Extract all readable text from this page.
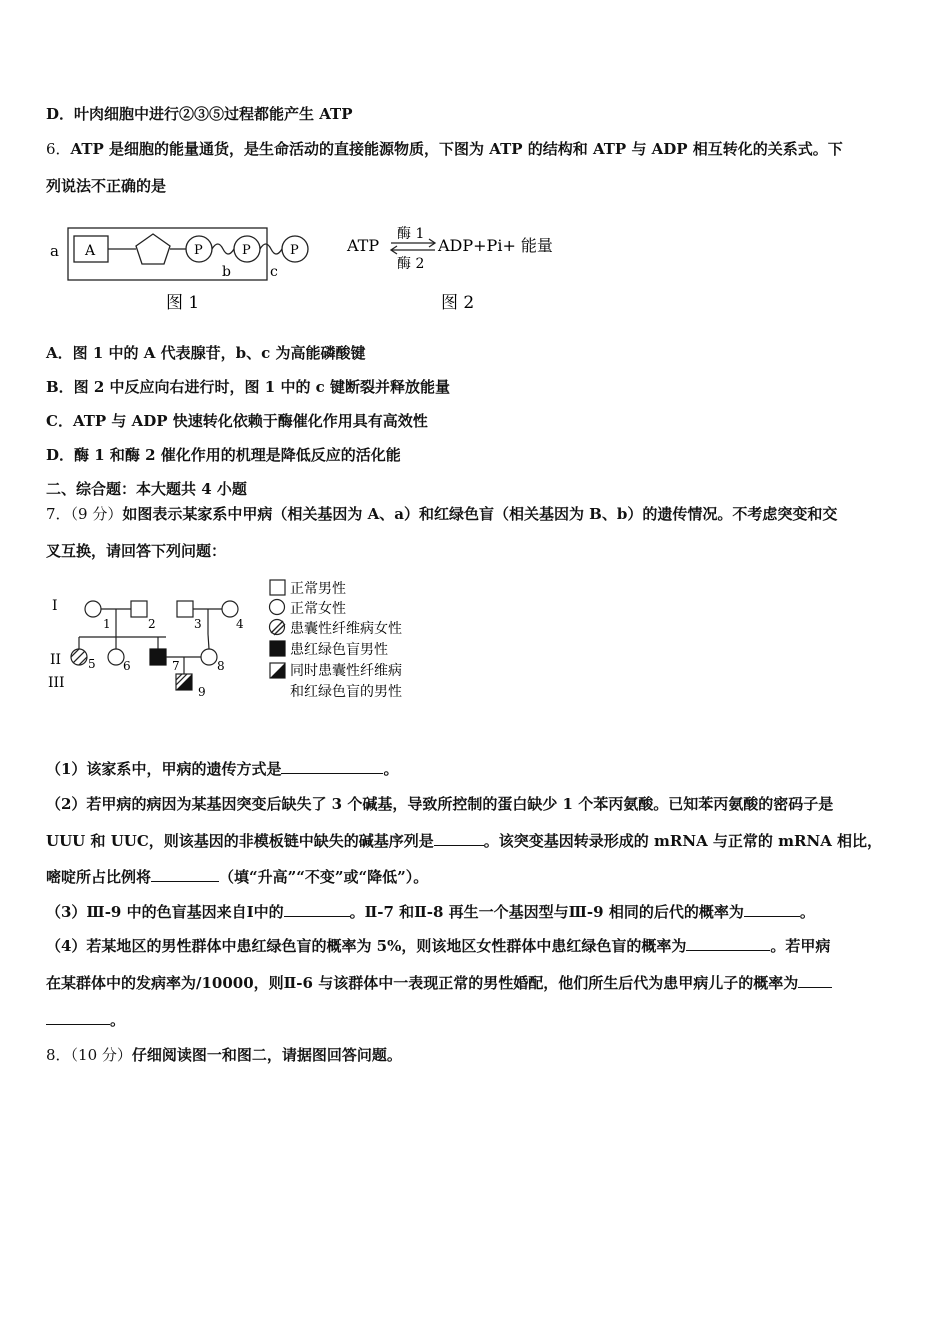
D．叶肉细胞中进行②③⑤过程都能产生 ATP
6．ATP 是细胞的能量通货，是生命活动的直接能源物质，下图为 ATP 的结构和 ATP 与 ADP 相互转化的关系式。下
列说法不正确的是
a A	P	P	P
b	c
图 1
ATP
酶 1
酶 2
ADP+Pi+ 能量
图 2
A．图 1 中的 A 代表腺苷，b、c 为高能磷酸键
B．图 2 中反应向右进行时，图 1 中的 c 键断裂并释放能量
C．ATP 与 ADP 快速转化依赖于酶催化作用具有高效性
D．酶 1 和酶 2 催化作用的机理是降低反应的活化能
二、综合题：本大题共 4 小题
7．（9 分）如图表示某家系中甲病（相关基因为 A、a）和红绿色盲（相关基因为 B、b）的遗传情况。不考虑突变和交
叉互换，请回答下列问题：
I
II
III
1	2	3	4
5 6	7	8
9
正常男性
正常女性
患囊性纤维病女性
患红绿色盲男性
同时患囊性纤维病
和红绿色盲的男性
（1）该家系中，甲病的遗传方式是	。
（2）若甲病的病因为某基因突变后缺失了 3 个碱基，导致所控制的蛋白缺少 1 个苯丙氨酸。已知苯丙氨酸的密码子是
UUU 和 UUC，则该基因的非模板链中缺失的碱基序列是	。该突变基因转录形成的 mRNA 与正常的 mRNA 相比，
嘧啶所占比例将	（填“升高”“不变”或“降低”）。
（3）Ⅲ-9 中的色盲基因来自Ⅰ中的	。Ⅱ-7 和Ⅱ-8 再生一个基因型与Ⅲ-9 相同的后代的概率为	。
（4）若某地区的男性群体中患红绿色盲的概率为 5%，则该地区女性群体中患红绿色盲的概率为	。若甲病
在某群体中的发病率为/10000，则Ⅱ-6 与该群体中一表现正常的男性婚配，他们所生后代为患甲病儿子的概率为
。
8．（10 分）仔细阅读图一和图二，请据图回答问题。
